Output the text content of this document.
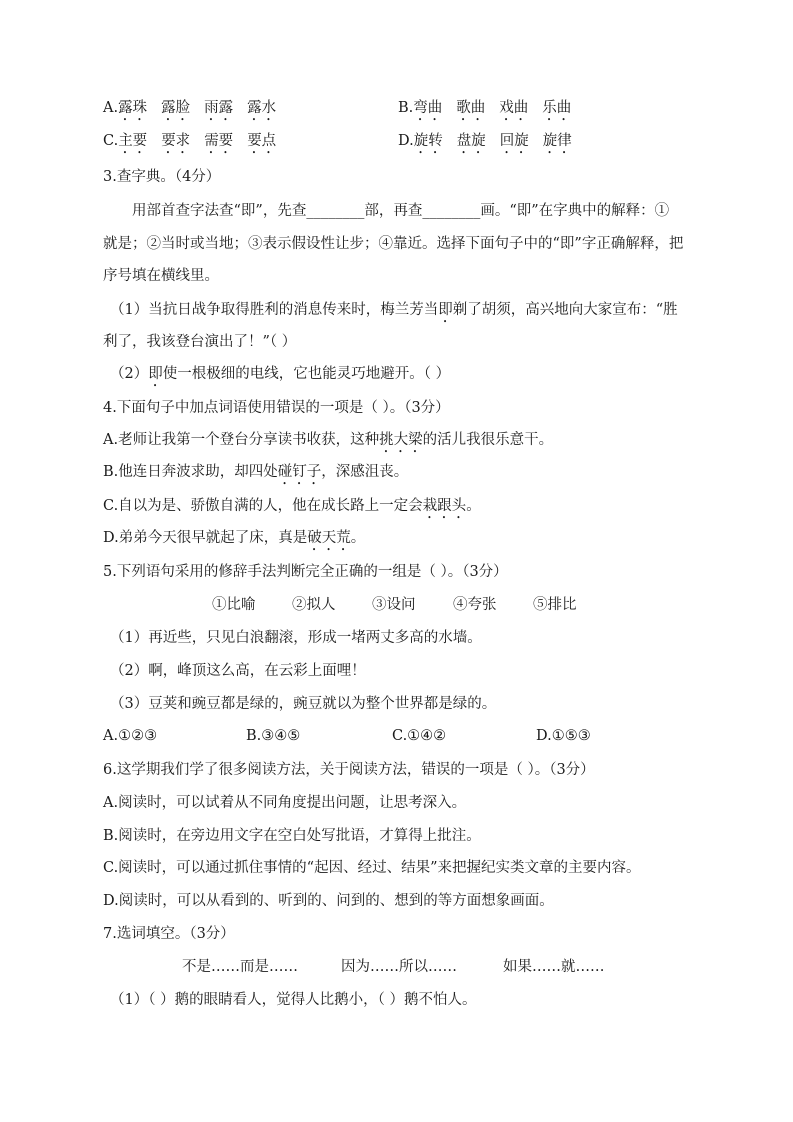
A.露珠 露脸 雨露 露水	B.弯曲 歌曲 戏曲 乐曲
C.主要 要求 需要 要点	D.旋转 盘旋 回旋 旋律
3.查字典。（4分）
用部首查字法查“即”，先查________部，再查________画。“即”在字典中的解释：①
就是；②当时或当地；③表示假设性让步；④靠近。选择下面句子中的“即”字正确解释，把
序号填在横线里。
（1）当抗日战争取得胜利的消息传来时，梅兰芳当即剃了胡须，高兴地向大家宣布：“胜
利了，我该登台演出了！”（ ）
（2）即使一根极细的电线，它也能灵巧地避开。（ ）
4.下面句子中加点词语使用错误的一项是（ ）。（3分）
A.老师让我第一个登台分享读书收获，这种挑大梁的活儿我很乐意干。
B.他连日奔波求助，却四处碰钉子，深感沮丧。
C.自以为是、骄傲自满的人，他在成长路上一定会栽跟头。
D.弟弟今天很早就起了床，真是破天荒。
5.下列语句采用的修辞手法判断完全正确的一组是（ ）。（3分）
①比喻	②拟人	③设问	④夸张	⑤排比
（1）再近些，只见白浪翻滚，形成一堵两丈多高的水墙。
（2）啊，峰顶这么高，在云彩上面哩！
（3）豆荚和豌豆都是绿的，豌豆就以为整个世界都是绿的。
A.①②③	B.③④⑤	C.①④②	D.①⑤③
6.这学期我们学了很多阅读方法，关于阅读方法，错误的一项是（ ）。（3分）
A.阅读时，可以试着从不同角度提出问题，让思考深入。
B.阅读时，在旁边用文字在空白处写批语，才算得上批注。
C.阅读时，可以通过抓住事情的“起因、经过、结果”来把握纪实类文章的主要内容。
D.阅读时，可以从看到的、听到的、问到的、想到的等方面想象画面。
7.选词填空。（3分）
不是……而是……	因为……所以……	如果……就……
（1）（ ）鹅的眼睛看人，觉得人比鹅小，（ ）鹅不怕人。
